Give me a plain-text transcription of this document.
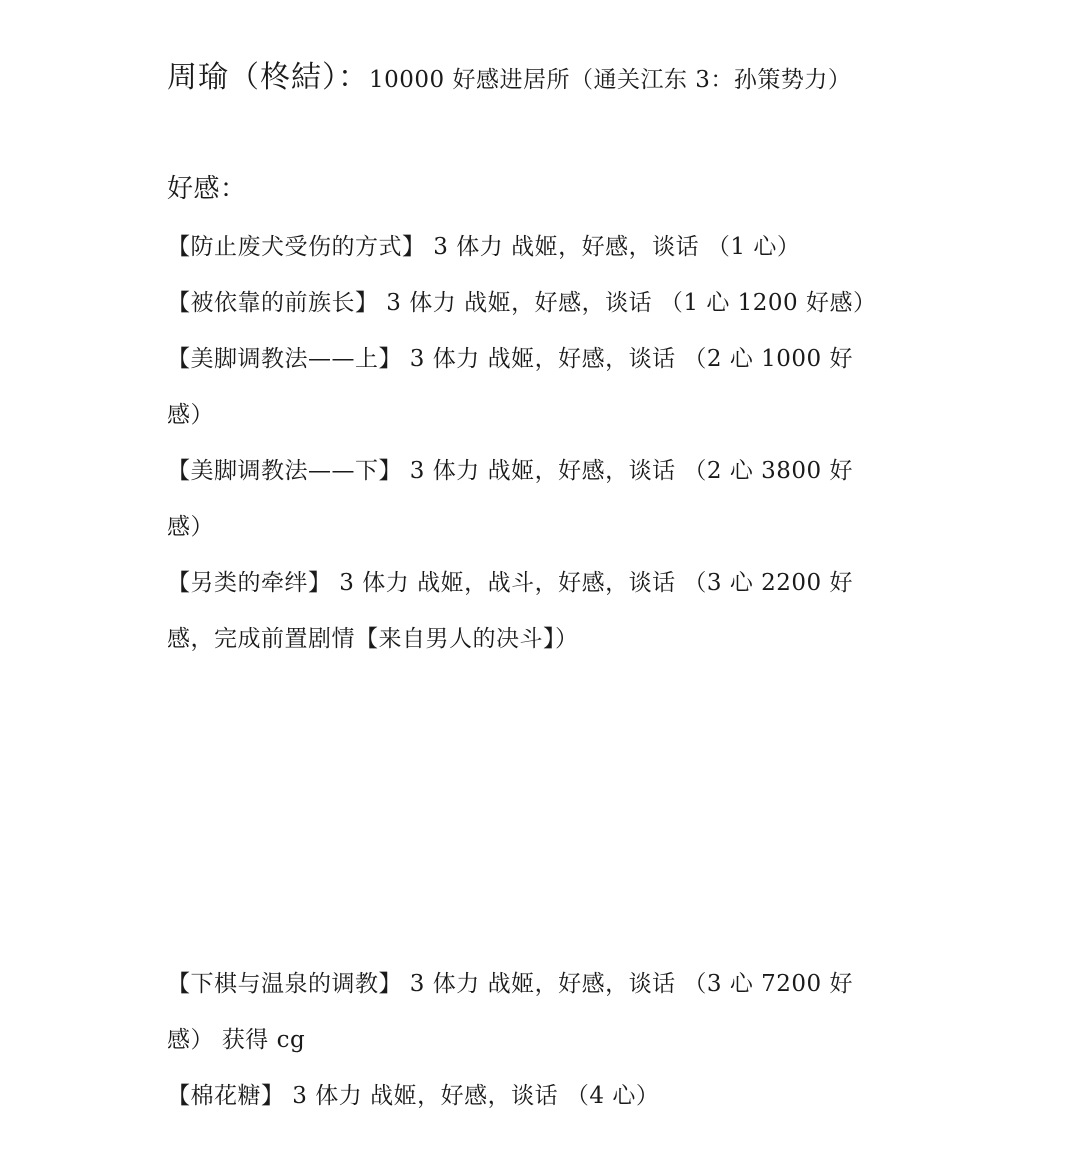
周瑜（柊結）：10000 好感进居所（通关江东 3：孙策势力）
好感：
【防止废犬受伤的方式】 3 体力 战姬，好感，谈话 （1 心）
【被依靠的前族长】 3 体力 战姬，好感，谈话 （1 心 1200 好感）
【美脚调教法——上】 3 体力 战姬，好感，谈话 （2 心 1000 好
感）
【美脚调教法——下】 3 体力 战姬，好感，谈话 （2 心 3800 好
感）
【另类的牵绊】 3 体力 战姬，战斗，好感，谈话 （3 心 2200 好
感，完成前置剧情【来自男人的决斗】）
【下棋与温泉的调教】 3 体力 战姬，好感，谈话 （3 心 7200 好
感） 获得 cg
【棉花糖】 3 体力 战姬，好感，谈话 （4 心）
